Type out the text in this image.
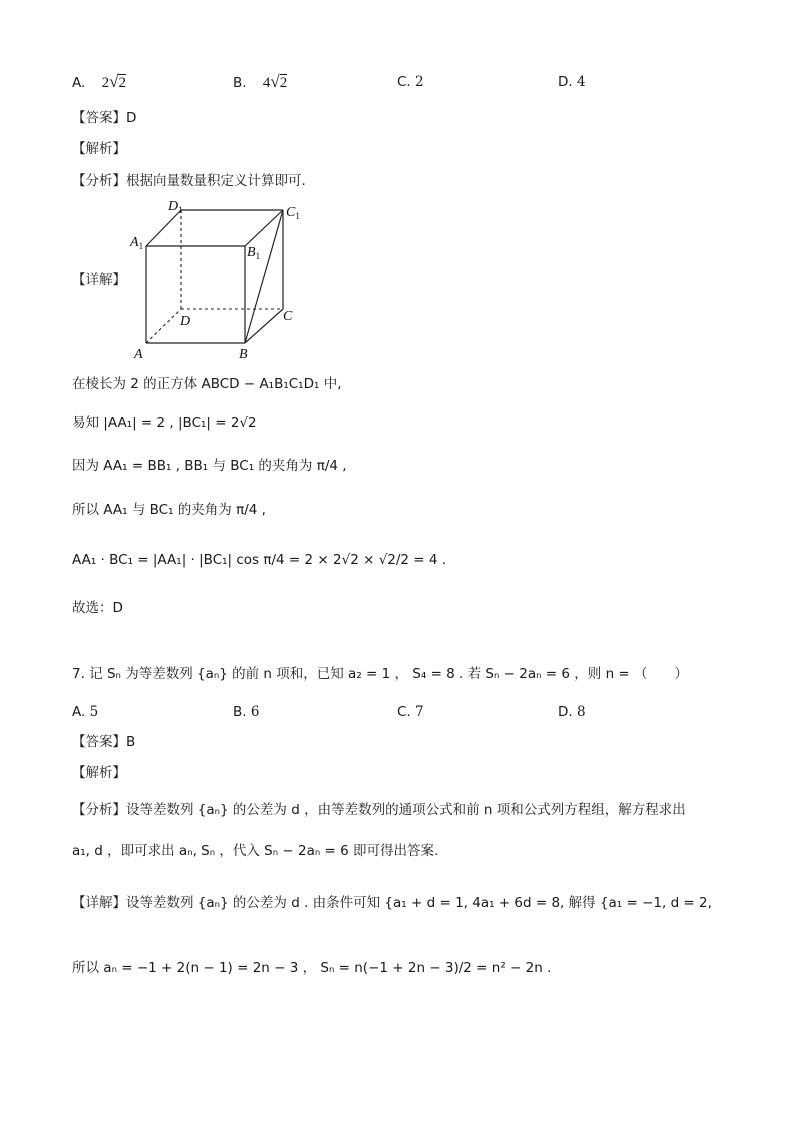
A. 2√2	B. 4√2	C. 2	D. 4
【答案】D
【解析】
【分析】根据向量数量积定义计算即可.
【详解】
$A_1$
$D_1$	$C_1$
$B_1$
D	C
A	B
在棱长为 2 的正方体 ABCD − A₁B₁C₁D₁ 中,
易知 |AA₁| = 2 , |BC₁| = 2√2
因为 AA₁ = BB₁ , BB₁ 与 BC₁ 的夹角为 π/4 ,
所以 AA₁ 与 BC₁ 的夹角为 π/4 ,
AA₁ · BC₁ = |AA₁| · |BC₁| cos π/4 = 2 × 2√2 × √2/2 = 4 .
故选：D
7. 记 Sₙ 为等差数列 {aₙ} 的前 n 项和，已知 a₂ = 1 ， S₄ = 8 . 若 Sₙ − 2aₙ = 6 ，则 n = （　　）
A. 5	B. 6	C. 7	D. 8
【答案】B
【解析】
【分析】设等差数列 {aₙ} 的公差为 d ，由等差数列的通项公式和前 n 项和公式列方程组，解方程求出
a₁, d ，即可求出 aₙ, Sₙ ，代入 Sₙ − 2aₙ = 6 即可得出答案.
【详解】设等差数列 {aₙ} 的公差为 d . 由条件可知 {a₁ + d = 1, 4a₁ + 6d = 8, 解得 {a₁ = −1, d = 2,
所以 aₙ = −1 + 2(n − 1) = 2n − 3 ， Sₙ = n(−1 + 2n − 3)/2 = n² − 2n .
